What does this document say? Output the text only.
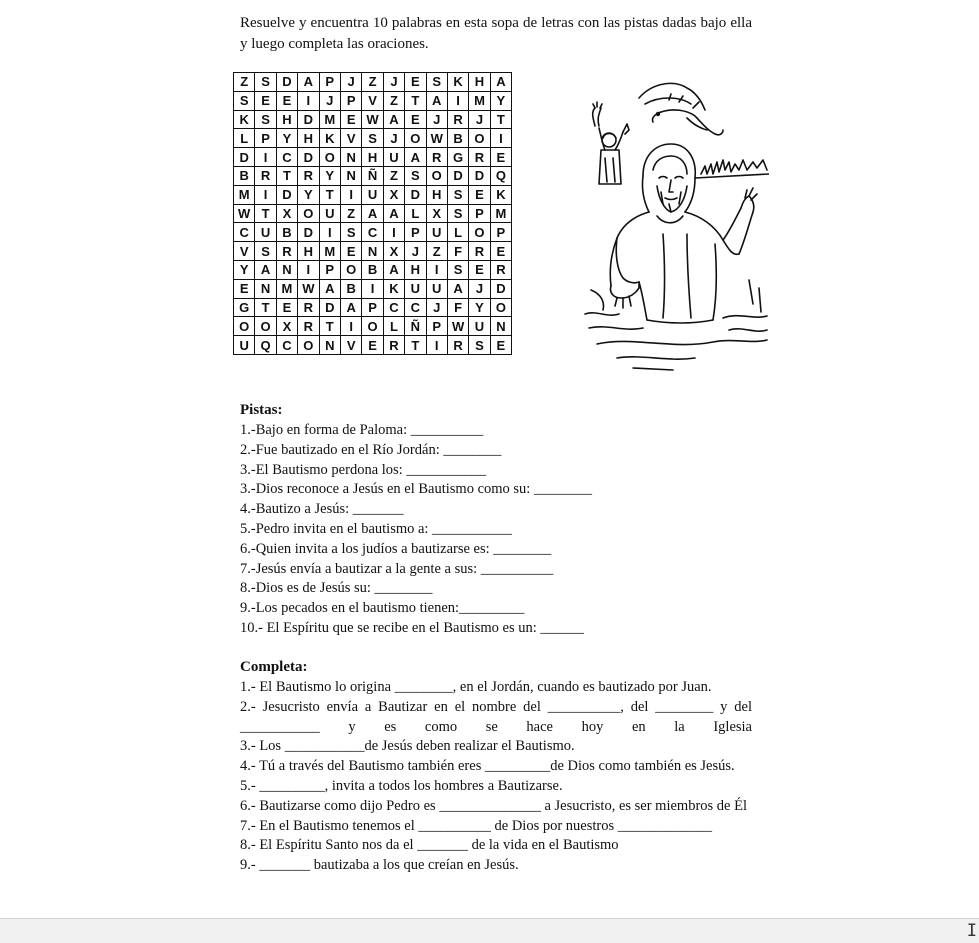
Resuelve y encuentra 10 palabras en esta sopa de letras con las pistas dadas bajo ella y luego completa las oraciones.
Z	S	D	A	P	J	Z	J	E	S	K	H	A
S	E	E	I	J	P	V	Z	T	A	I	M	Y
K	S	H	D	M	E	W	A	E	J	R	J	T
L	P	Y	H	K	V	S	J	O	W	B	O	I
D	I	C	D	O	N	H	U	A	R	G	R	E
B	R	T	R	Y	N	Ñ	Z	S	O	D	D	Q
M	I	D	Y	T	I	U	X	D	H	S	E	K
W	T	X	O	U	Z	A	A	L	X	S	P	M
C	U	B	D	I	S	C	I	P	U	L	O	P
V	S	R	H	M	E	N	X	J	Z	F	R	E
Y	A	N	I	P	O	B	A	H	I	S	E	R
E	N	M	W	A	B	I	K	U	U	A	J	D
G	T	E	R	D	A	P	C	C	J	F	Y	O
O	O	X	R	T	I	O	L	Ñ	P	W	U	N
U	Q	C	O	N	V	E	R	T	I	R	S	E
Pistas:
1.-Bajo en forma de Paloma: __________
2.-Fue bautizado en el Río Jordán: ________
3.-El Bautismo perdona los: ___________
3.-Dios reconoce a Jesús en el Bautismo como su: ________
4.-Bautizo a Jesús: _______
5.-Pedro invita en el bautismo a: ___________
6.-Quien invita a los judíos a bautizarse es: ________
7.-Jesús envía a bautizar a la gente a sus: __________
8.-Dios es de Jesús su: ________
9.-Los pecados en el bautismo tienen:_________
10.- El Espíritu que se recibe en el Bautismo es un: ______
Completa:
1.- El Bautismo lo origina ________, en el Jordán, cuando es bautizado por Juan.
2.- Jesucristo envía a Bautizar en el nombre del __________, del ________ y del ___________ y es como se hace hoy en la Iglesia
3.- Los ___________de Jesús deben realizar el Bautismo.
4.- Tú a través del Bautismo también eres _________de Dios como también es Jesús.
5.- _________, invita a todos los hombres a Bautizarse.
6.- Bautizarse como dijo Pedro es ______________ a Jesucristo, es ser miembros de Él
7.- En el Bautismo tenemos el __________ de Dios por nuestros _____________
8.- El Espíritu Santo nos da el _______ de la vida en el Bautismo
9.- _______ bautizaba a los que creían en Jesús.
I
